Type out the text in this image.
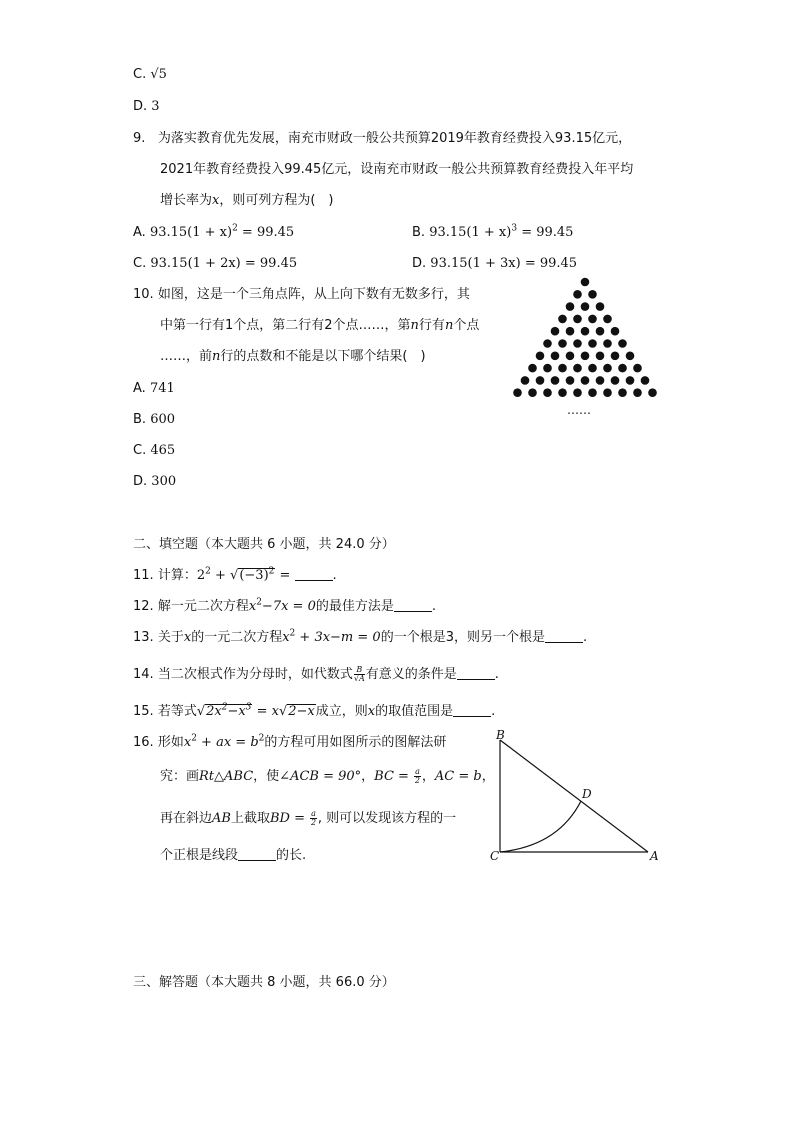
C. √5
D. 3
9. 为落实教育优先发展，南充市财政一般公共预算2019年教育经费投入93.15亿元，
2021年教育经费投入99.45亿元，设南充市财政一般公共预算教育经费投入年平均
增长率为x，则可列方程为(　)
A. $93.15(1 + x)^2 = 99.45$	B. $93.15(1 + x)^3 = 99.45$
C. 93.15(1 + 2x) = 99.45	D. 93.15(1 + 3x) = 99.45
10. 如图，这是一个三角点阵，从上向下数有无数多行，其
中第一行有1个点，第二行有2个点……，第n行有n个点
……，前n行的点数和不能是以下哪个结果(　)
A. 741
B. 600
C. 465
D. 300
……
二、填空题（本大题共 6 小题，共 24.0 分）
11. 计算：$2^2 + √(-3)^2$ =	.
12. 解一元二次方程$x^2-7x = 0$的最佳方法是	.
13. 关于x的一元二次方程$x^2 + 3x-m = 0$的一个根是3，则另一个根是	.
14. 当二次根式作为分母时，如代数式 $\frac{B}{√A}$ 有意义的条件是	.
15. 若等式$√2x^2-x^3 = x√2-x$成立，则x的取值范围是	.
16. 形如$x^2$ + ax = $b^2$的方程可用如图所示的图解法研
究：画Rt△ABC，使∠ACB = 90°，BC = $\frac{a}{2}$ ，AC = b，
再在斜边AB上截取BD = $\frac{a}{2}$ , 则可以发现该方程的一
个正根是线段	的长.
B
C
D
A
三、解答题（本大题共 8 小题，共 66.0 分）
